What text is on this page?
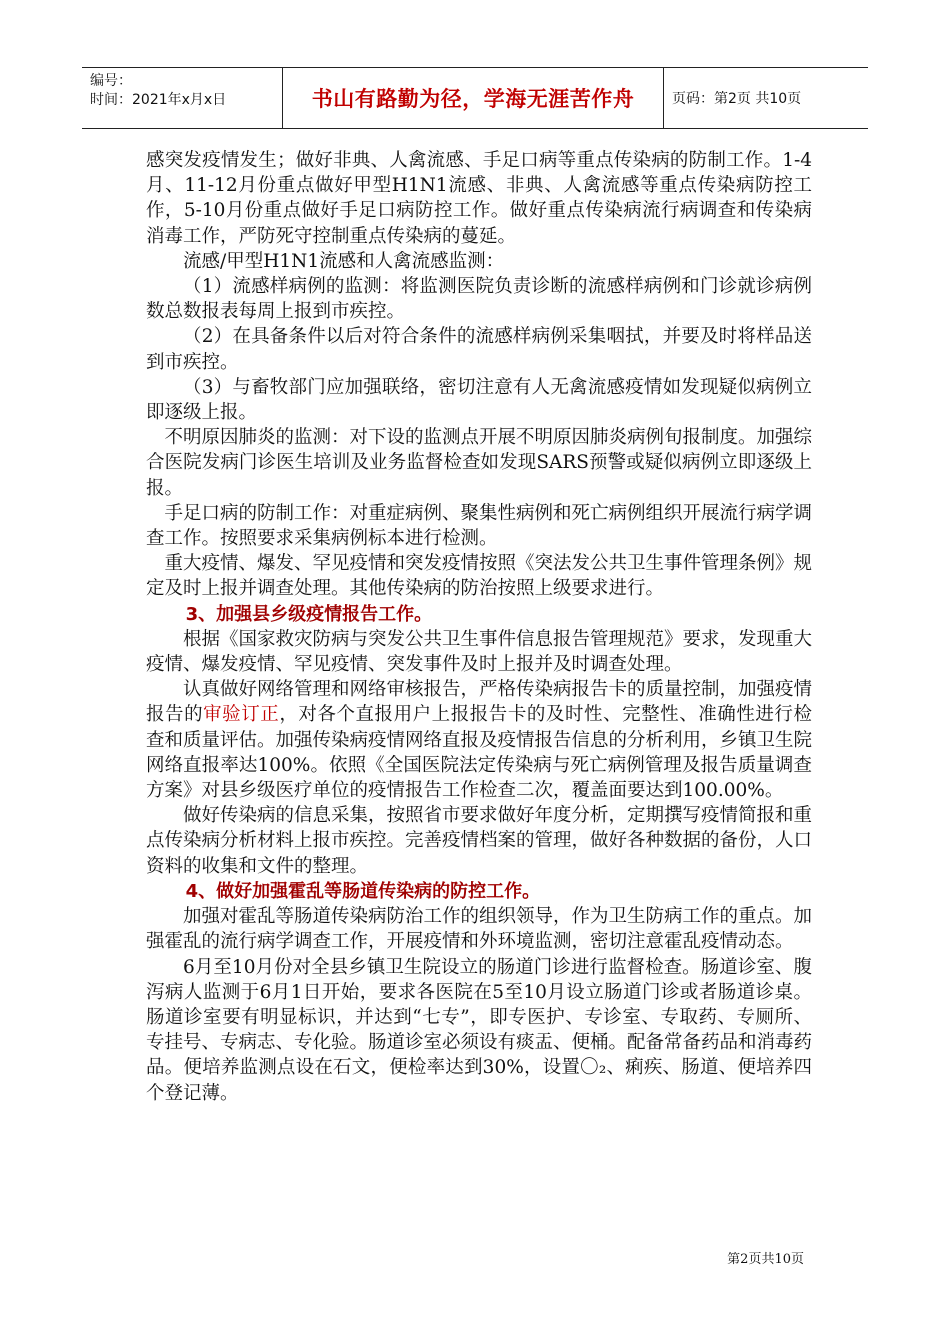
编号：
时间：2021年x月x日	书山有路勤为径，学海无涯苦作舟	页码：第2页 共10页

感突发疫情发生；做好非典、人禽流感、手足口病等重点传染病的防制工作。1-4月、11-12月份重点做好甲型H1N1流感、非典、人禽流感等重点传染病防控工作，5-10月份重点做好手足口病防控工作。做好重点传染病流行病调查和传染病消毒工作，严防死守控制重点传染病的蔓延。

流感/甲型H1N1流感和人禽流感监测：

（1）流感样病例的监测：将监测医院负责诊断的流感样病例和门诊就诊病例数总数报表每周上报到市疾控。

（2）在具备条件以后对符合条件的流感样病例采集咽拭，并要及时将样品送到市疾控。

（3）与畜牧部门应加强联络，密切注意有人无禽流感疫情如发现疑似病例立即逐级上报。

不明原因肺炎的监测：对下设的监测点开展不明原因肺炎病例旬报制度。加强综合医院发病门诊医生培训及业务监督检查如发现SARS预警或疑似病例立即逐级上报。

手足口病的防制工作：对重症病例、聚集性病例和死亡病例组织开展流行病学调查工作。按照要求采集病例标本进行检测。

重大疫情、爆发、罕见疫情和突发疫情按照《突法发公共卫生事件管理条例》规定及时上报并调查处理。其他传染病的防治按照上级要求进行。

3、加强县乡级疫情报告工作。

根据《国家救灾防病与突发公共卫生事件信息报告管理规范》要求，发现重大疫情、爆发疫情、罕见疫情、突发事件及时上报并及时调查处理。

认真做好网络管理和网络审核报告，严格传染病报告卡的质量控制，加强疫情报告的审验订正，对各个直报用户上报报告卡的及时性、完整性、准确性进行检查和质量评估。加强传染病疫情网络直报及疫情报告信息的分析利用，乡镇卫生院网络直报率达100%。依照《全国医院法定传染病与死亡病例管理及报告质量调查方案》对县乡级医疗单位的疫情报告工作检查二次，覆盖面要达到100.00%。

做好传染病的信息采集，按照省市要求做好年度分析，定期撰写疫情简报和重点传染病分析材料上报市疾控。完善疫情档案的管理，做好各种数据的备份，人口资料的收集和文件的整理。

4、做好加强霍乱等肠道传染病的防控工作。

加强对霍乱等肠道传染病防治工作的组织领导，作为卫生防病工作的重点。加强霍乱的流行病学调查工作，开展疫情和外环境监测，密切注意霍乱疫情动态。

6月至10月份对全县乡镇卫生院设立的肠道门诊进行监督检查。肠道诊室、腹泻病人监测于6月1日开始，要求各医院在5至10月设立肠道门诊或者肠道诊桌。肠道诊室要有明显标识，并达到“七专”，即专医护、专诊室、专取药、专厕所、专挂号、专病志、专化验。肠道诊室必须设有痰盂、便桶。配备常备药品和消毒药品。便培养监测点设在石文，便检率达到30%，设置〇₂、痢疾、肠道、便培养四个登记薄。

第2页共10页
